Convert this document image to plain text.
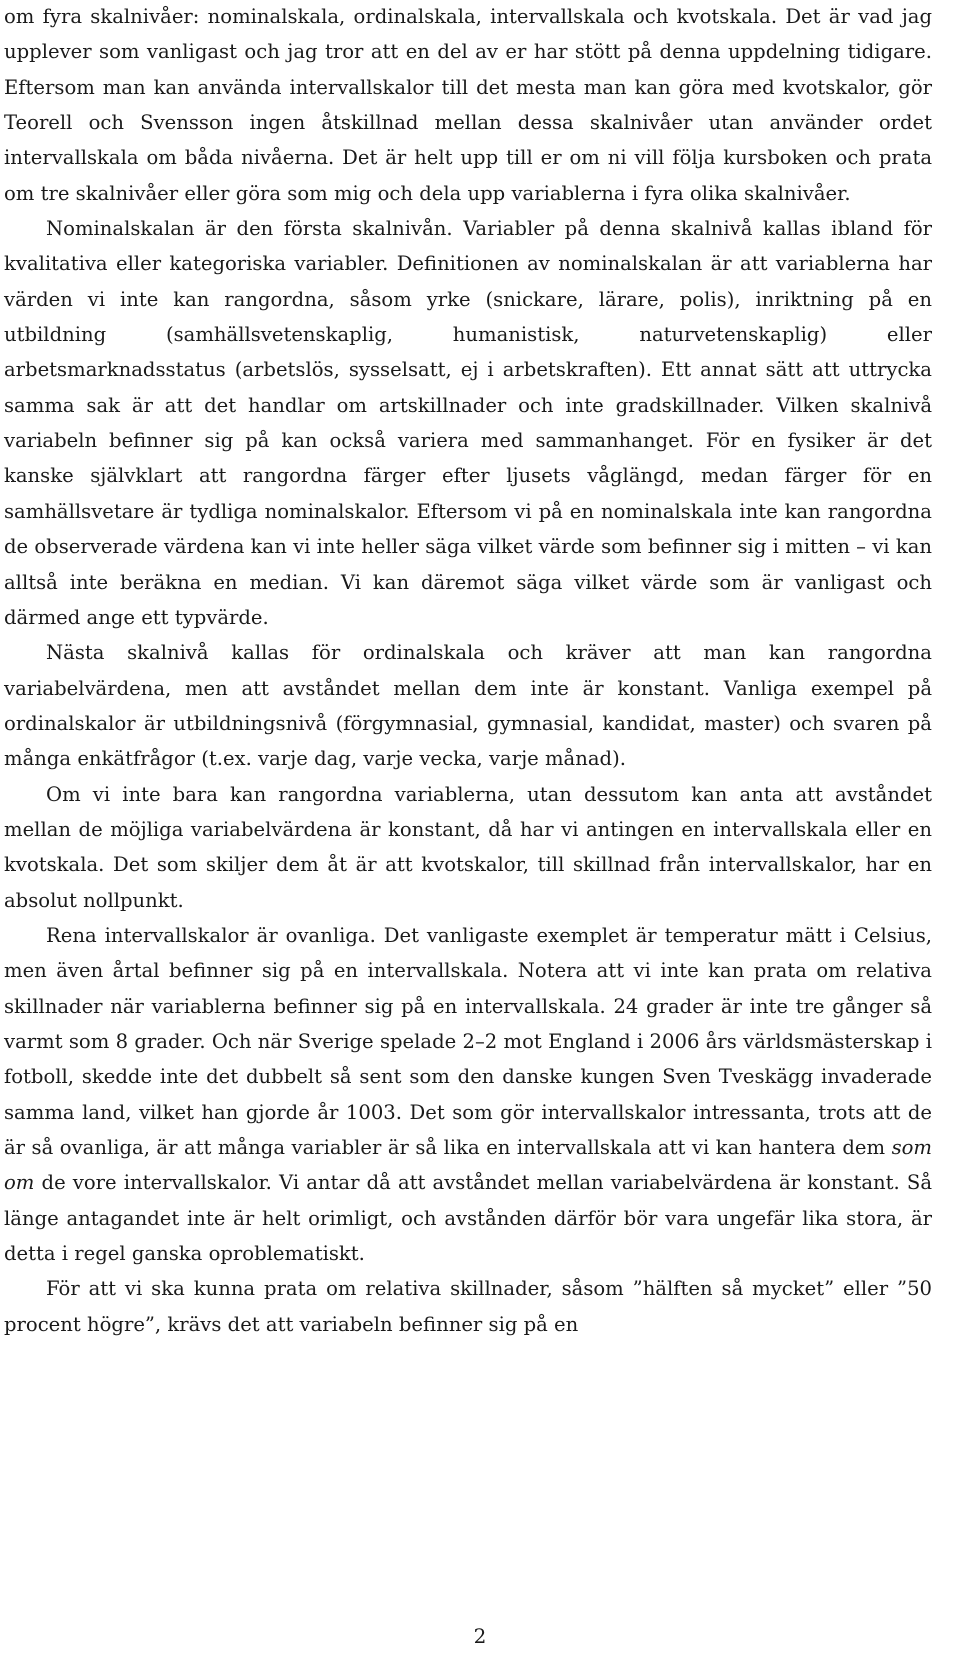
om fyra skalnivåer: nominalskala, ordinalskala, intervallskala och kvotskala. Det är vad jag upplever som vanligast och jag tror att en del av er har stött på denna uppdelning tidigare. Eftersom man kan använda intervallskalor till det mesta man kan göra med kvotskalor, gör Teorell och Svensson ingen åtskillnad mellan dessa skalnivåer utan använder ordet intervallskala om båda nivåerna. Det är helt upp till er om ni vill följa kursboken och prata om tre skalnivåer eller göra som mig och dela upp variablerna i fyra olika skalnivåer.

Nominalskalan är den första skalnivån. Variabler på denna skalnivå kallas ibland för kvalitativa eller kategoriska variabler. Definitionen av nominalskalan är att variablerna har värden vi inte kan rangordna, såsom yrke (snickare, lärare, polis), inriktning på en utbildning (samhällsvetenskaplig, humanistisk, naturvetenskaplig) eller arbetsmarknadsstatus (arbetslös, sysselsatt, ej i arbetskraften). Ett annat sätt att uttrycka samma sak är att det handlar om artskillnader och inte gradskillnader. Vilken skalnivå variabeln befinner sig på kan också variera med sammanhanget. För en fysiker är det kanske självklart att rangordna färger efter ljusets våglängd, medan färger för en samhällsvetare är tydliga nominalskalor. Eftersom vi på en nominalskala inte kan rangordna de observerade värdena kan vi inte heller säga vilket värde som befinner sig i mitten – vi kan alltså inte beräkna en median. Vi kan däremot säga vilket värde som är vanligast och därmed ange ett typvärde.

Nästa skalnivå kallas för ordinalskala och kräver att man kan rangordna variabelvärdena, men att avståndet mellan dem inte är konstant. Vanliga exempel på ordinalskalor är utbildningsnivå (förgymnasial, gymnasial, kandidat, master) och svaren på många enkätfrågor (t.ex. varje dag, varje vecka, varje månad).

Om vi inte bara kan rangordna variablerna, utan dessutom kan anta att avståndet mellan de möjliga variabelvärdena är konstant, då har vi antingen en intervallskala eller en kvotskala. Det som skiljer dem åt är att kvotskalor, till skillnad från intervallskalor, har en absolut nollpunkt.

Rena intervallskalor är ovanliga. Det vanligaste exemplet är temperatur mätt i Celsius, men även årtal befinner sig på en intervallskala. Notera att vi inte kan prata om relativa skillnader när variablerna befinner sig på en intervallskala. 24 grader är inte tre gånger så varmt som 8 grader. Och när Sverige spelade 2–2 mot England i 2006 års världsmästerskap i fotboll, skedde inte det dubbelt så sent som den danske kungen Sven Tveskägg invaderade samma land, vilket han gjorde år 1003. Det som gör intervallskalor intressanta, trots att de är så ovanliga, är att många variabler är så lika en intervallskala att vi kan hantera dem som om de vore intervallskalor. Vi antar då att avståndet mellan variabelvärdena är konstant. Så länge antagandet inte är helt orimligt, och avstånden därför bör vara ungefär lika stora, är detta i regel ganska oproblematiskt.

För att vi ska kunna prata om relativa skillnader, såsom ”hälften så mycket” eller ”50 procent högre”, krävs det att variabeln befinner sig på en

2
